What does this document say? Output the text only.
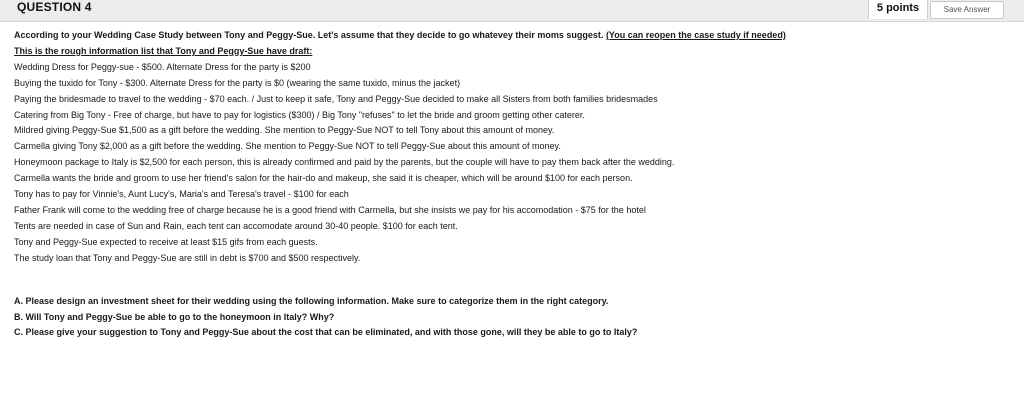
QUESTION 4	5 points	Save Answer
According to your Wedding Case Study between Tony and Peggy-Sue. Let's assume that they decide to go whatevey their moms suggest. (You can reopen the case study if needed)
This is the rough information list that Tony and Peggy-Sue have draft:
Wedding Dress for Peggy-sue - $500. Alternate Dress for the party is $200
Buying the tuxido for Tony - $300. Alternate Dress for the party is $0 (wearing the same tuxido, minus the jacket)
Paying the bridesmade to travel to the wedding - $70 each. / Just to keep it safe, Tony and Peggy-Sue decided to make all Sisters from both families bridesmades
Catering from Big Tony - Free of charge, but have to pay for logistics ($300) / Big Tony "refuses" to let the bride and groom getting other caterer.
Mildred giving Peggy-Sue $1,500 as a gift before the wedding. She mention to Peggy-Sue NOT to tell Tony about this amount of money.
Carmella giving Tony $2,000 as a gift before the wedding. She mention to Peggy-Sue NOT to tell Peggy-Sue about this amount of money.
Honeymoon package to Italy is $2,500 for each person, this is already confirmed and paid by the parents, but the couple will have to pay them back after the wedding.
Carmella wants the bride and groom to use her friend's salon for the hair-do and makeup, she said it is cheaper, which will be around $100 for each person.
Tony has to pay for Vinnie's, Aunt Lucy's, Maria's and Teresa's travel - $100 for each
Father Frank will come to the wedding free of charge because he is a good friend with Carmella, but she insists we pay for his accomodation - $75 for the hotel
Tents are needed in case of Sun and Rain, each tent can accomodate around 30-40 people. $100 for each tent.
Tony and Peggy-Sue expected to receive at least $15 gifs from each guests.
The study loan that Tony and Peggy-Sue are still in debt is $700 and $500 respectively.
A. Please design an investment sheet for their wedding using the following information. Make sure to categorize them in the right category.
B. Will Tony and Peggy-Sue be able to go to the honeymoon in Italy? Why?
C. Please give your suggestion to Tony and Peggy-Sue about the cost that can be eliminated, and with those gone, will they be able to go to Italy?
